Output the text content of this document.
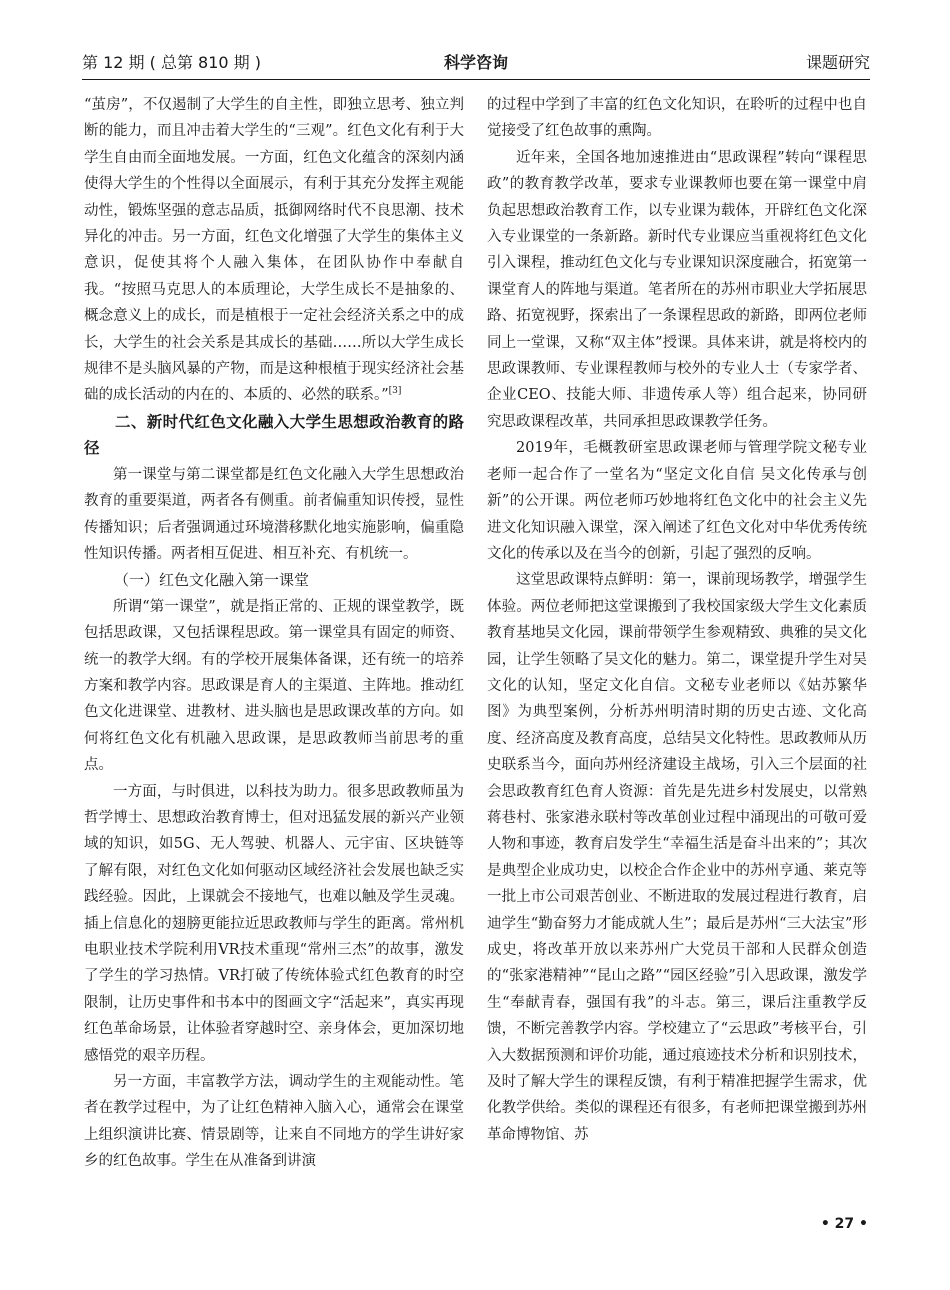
第 12 期 ( 总第 810 期 )	科学咨询	课题研究

“茧房”，不仅遏制了大学生的自主性，即独立思考、独立判断的能力，而且冲击着大学生的“三观”。红色文化有利于大学生自由而全面地发展。一方面，红色文化蕴含的深刻内涵使得大学生的个性得以全面展示，有利于其充分发挥主观能动性，锻炼坚强的意志品质，抵御网络时代不良思潮、技术异化的冲击。另一方面，红色文化增强了大学生的集体主义意识，促使其将个人融入集体，在团队协作中奉献自我。“按照马克思人的本质理论，大学生成长不是抽象的、概念意义上的成长，而是植根于一定社会经济关系之中的成长，大学生的社会关系是其成长的基础……所以大学生成长规律不是头脑风暴的产物，而是这种根植于现实经济社会基础的成长活动的内在的、本质的、必然的联系。”[3]

二、新时代红色文化融入大学生思想政治教育的路径

第一课堂与第二课堂都是红色文化融入大学生思想政治教育的重要渠道，两者各有侧重。前者偏重知识传授，显性传播知识；后者强调通过环境潜移默化地实施影响，偏重隐性知识传播。两者相互促进、相互补充、有机统一。

（一）红色文化融入第一课堂

所谓“第一课堂”，就是指正常的、正规的课堂教学，既包括思政课，又包括课程思政。第一课堂具有固定的师资、统一的教学大纲。有的学校开展集体备课，还有统一的培养方案和教学内容。思政课是育人的主渠道、主阵地。推动红色文化进课堂、进教材、进头脑也是思政课改革的方向。如何将红色文化有机融入思政课，是思政教师当前思考的重点。

一方面，与时俱进，以科技为助力。很多思政教师虽为哲学博士、思想政治教育博士，但对迅猛发展的新兴产业领域的知识，如5G、无人驾驶、机器人、元宇宙、区块链等了解有限，对红色文化如何驱动区域经济社会发展也缺乏实践经验。因此，上课就会不接地气，也难以触及学生灵魂。插上信息化的翅膀更能拉近思政教师与学生的距离。常州机电职业技术学院利用VR技术重现“常州三杰”的故事，激发了学生的学习热情。VR打破了传统体验式红色教育的时空限制，让历史事件和书本中的图画文字“活起来”，真实再现红色革命场景，让体验者穿越时空、亲身体会，更加深切地感悟党的艰辛历程。

另一方面，丰富教学方法，调动学生的主观能动性。笔者在教学过程中，为了让红色精神入脑入心，通常会在课堂上组织演讲比赛、情景剧等，让来自不同地方的学生讲好家乡的红色故事。学生在从准备到讲演

的过程中学到了丰富的红色文化知识，在聆听的过程中也自觉接受了红色故事的熏陶。

近年来，全国各地加速推进由“思政课程”转向“课程思政”的教育教学改革，要求专业课教师也要在第一课堂中肩负起思想政治教育工作，以专业课为载体，开辟红色文化深入专业课堂的一条新路。新时代专业课应当重视将红色文化引入课程，推动红色文化与专业课知识深度融合，拓宽第一课堂育人的阵地与渠道。笔者所在的苏州市职业大学拓展思路、拓宽视野，探索出了一条课程思政的新路，即两位老师同上一堂课，又称“双主体”授课。具体来讲，就是将校内的思政课教师、专业课程教师与校外的专业人士（专家学者、企业CEO、技能大师、非遗传承人等）组合起来，协同研究思政课程改革，共同承担思政课教学任务。

2019年，毛概教研室思政课老师与管理学院文秘专业老师一起合作了一堂名为“坚定文化自信 吴文化传承与创新”的公开课。两位老师巧妙地将红色文化中的社会主义先进文化知识融入课堂，深入阐述了红色文化对中华优秀传统文化的传承以及在当今的创新，引起了强烈的反响。

这堂思政课特点鲜明：第一，课前现场教学，增强学生体验。两位老师把这堂课搬到了我校国家级大学生文化素质教育基地吴文化园，课前带领学生参观精致、典雅的吴文化园，让学生领略了吴文化的魅力。第二，课堂提升学生对吴文化的认知，坚定文化自信。文秘专业老师以《姑苏繁华图》为典型案例，分析苏州明清时期的历史古迹、文化高度、经济高度及教育高度，总结吴文化特性。思政教师从历史联系当今，面向苏州经济建设主战场，引入三个层面的社会思政教育红色育人资源：首先是先进乡村发展史，以常熟蒋巷村、张家港永联村等改革创业过程中涌现出的可敬可爱人物和事迹，教育启发学生“幸福生活是奋斗出来的”；其次是典型企业成功史，以校企合作企业中的苏州亨通、莱克等一批上市公司艰苦创业、不断进取的发展过程进行教育，启迪学生“勤奋努力才能成就人生”；最后是苏州“三大法宝”形成史，将改革开放以来苏州广大党员干部和人民群众创造的“张家港精神”“昆山之路”“园区经验”引入思政课，激发学生“奉献青春，强国有我”的斗志。第三，课后注重教学反馈，不断完善教学内容。学校建立了“云思政”考核平台，引入大数据预测和评价功能，通过痕迹技术分析和识别技术，及时了解大学生的课程反馈，有利于精准把握学生需求，优化教学供给。类似的课程还有很多，有老师把课堂搬到苏州革命博物馆、苏

• 27 •
